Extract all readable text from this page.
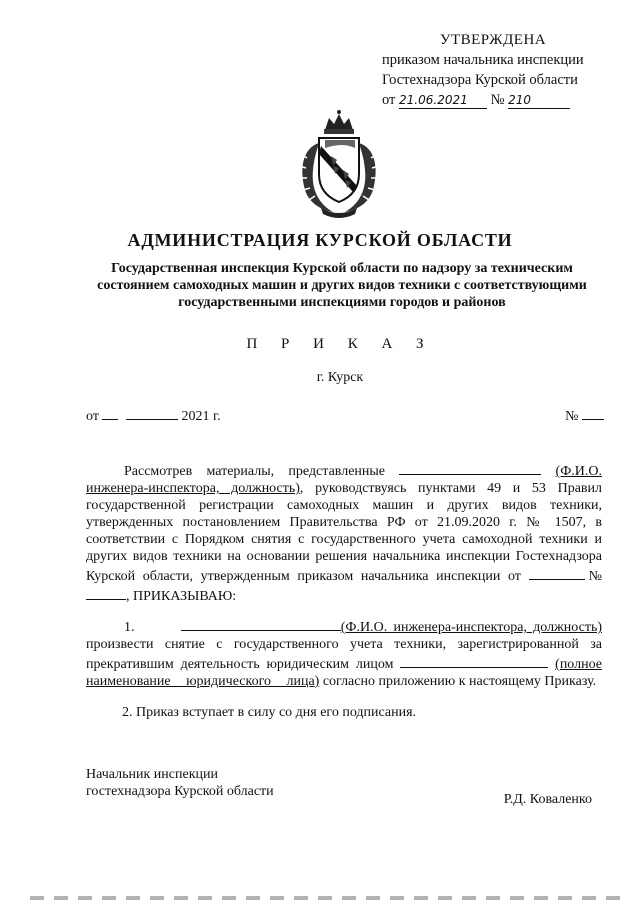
УТВЕРЖДЕНА
приказом начальника инспекции
Гостехнадзора Курской области
от 21.06.2021 № 210
АДМИНИСТРАЦИЯ КУРСКОЙ ОБЛАСТИ
Государственная инспекция Курской области по надзору за техническим состоянием самоходных машин и других видов техники с соответствующими государственными инспекциями городов и районов
П Р И К А З
г. Курск
от	2021 г.	№
Рассмотрев материалы, представленные	(Ф.И.О. инженера-инспектора, должность), руководствуясь пунктами 49 и 53 Правил государственной регистрации самоходных машин и других видов техники, утвержденных постановлением Правительства РФ от 21.09.2020 г. № 1507, в соответствии с Порядком снятия с государственного учета самоходной техники и других видов техники на основании решения начальника инспекции Гостехнадзора Курской области, утвержденным приказом начальника инспекции от	№, ПРИКАЗЫВАЮ:
1.	(Ф.И.О. инженера-инспектора, должность) произвести снятие с государственного учета техники, зарегистрированной за прекратившим деятельность юридическим лицом	(полное наименование юридического лица) согласно приложению к настоящему Приказу.
2. Приказ вступает в силу со дня его подписания.
Начальник инспекции
гостехнадзора Курской области
Р.Д. Коваленко
